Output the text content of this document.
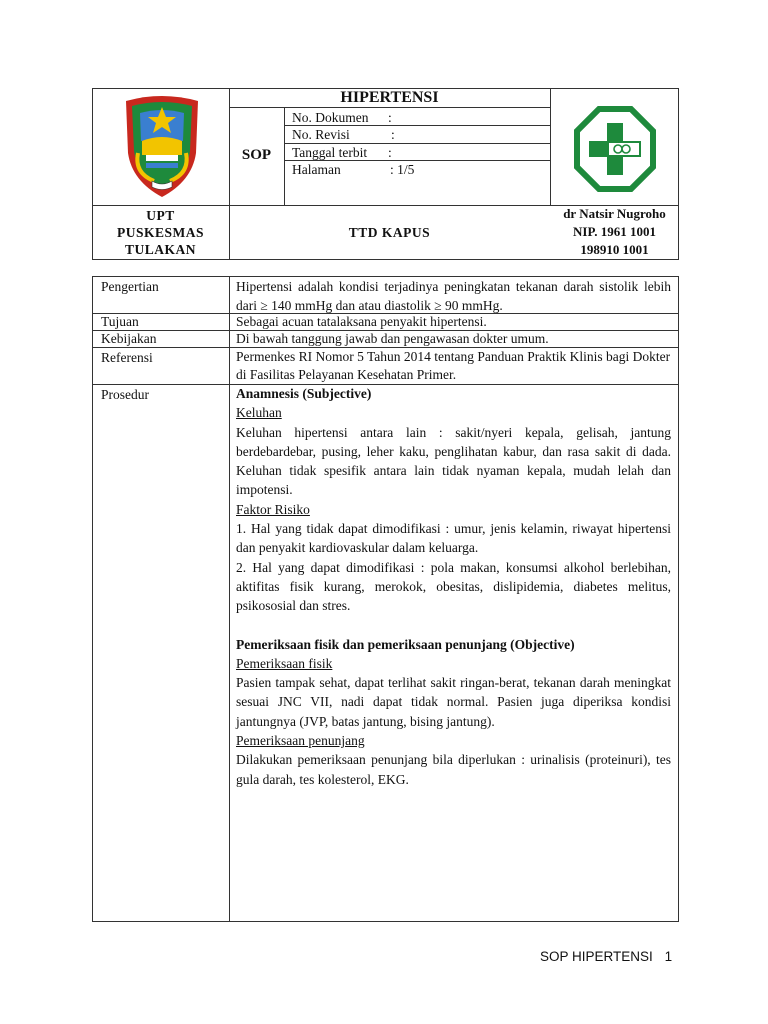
HIPERTENSI
SOP
No. Dokumen :
No. Revisi	:
Tanggal terbit :
Halaman	: 1/5
UPT
PUSKESMAS
TULAKAN
TTD KAPUS
dr Natsir Nugroho
NIP. 1961 1001
198910 1001
Pengertian
Tujuan
Kebijakan
Referensi
Prosedur
Hipertensi adalah kondisi terjadinya peningkatan tekanan darah sistolik lebih dari ≥ 140 mmHg dan atau diastolik ≥ 90 mmHg.
Sebagai acuan tatalaksana penyakit hipertensi.
Di bawah tanggung jawab dan pengawasan dokter umum.
Permenkes RI Nomor 5 Tahun 2014 tentang Panduan Praktik Klinis bagi Dokter di Fasilitas Pelayanan Kesehatan Primer.
Anamnesis (Subjective)
Keluhan
Keluhan hipertensi antara lain : sakit/nyeri kepala, gelisah, jantung berdebardebar, pusing, leher kaku, penglihatan kabur, dan rasa sakit di dada. Keluhan tidak spesifik antara lain tidak nyaman kepala, mudah lelah dan impotensi.
Faktor Risiko
1. Hal yang tidak dapat dimodifikasi : umur, jenis kelamin, riwayat hipertensi dan penyakit kardiovaskular dalam keluarga.
2. Hal yang dapat dimodifikasi : pola makan, konsumsi alkohol berlebihan, aktifitas fisik kurang, merokok, obesitas, dislipidemia, diabetes melitus, psikososial dan stres.
Pemeriksaan fisik dan pemeriksaan penunjang (Objective)
Pemeriksaan fisik
Pasien tampak sehat, dapat terlihat sakit ringan-berat, tekanan darah meningkat sesuai JNC VII, nadi dapat tidak normal. Pasien juga diperiksa kondisi jantungnya (JVP, batas jantung, bising jantung).
Pemeriksaan penunjang
Dilakukan pemeriksaan penunjang bila diperlukan : urinalisis (proteinuri), tes gula darah, tes kolesterol, EKG.
SOP HIPERTENSI 1
